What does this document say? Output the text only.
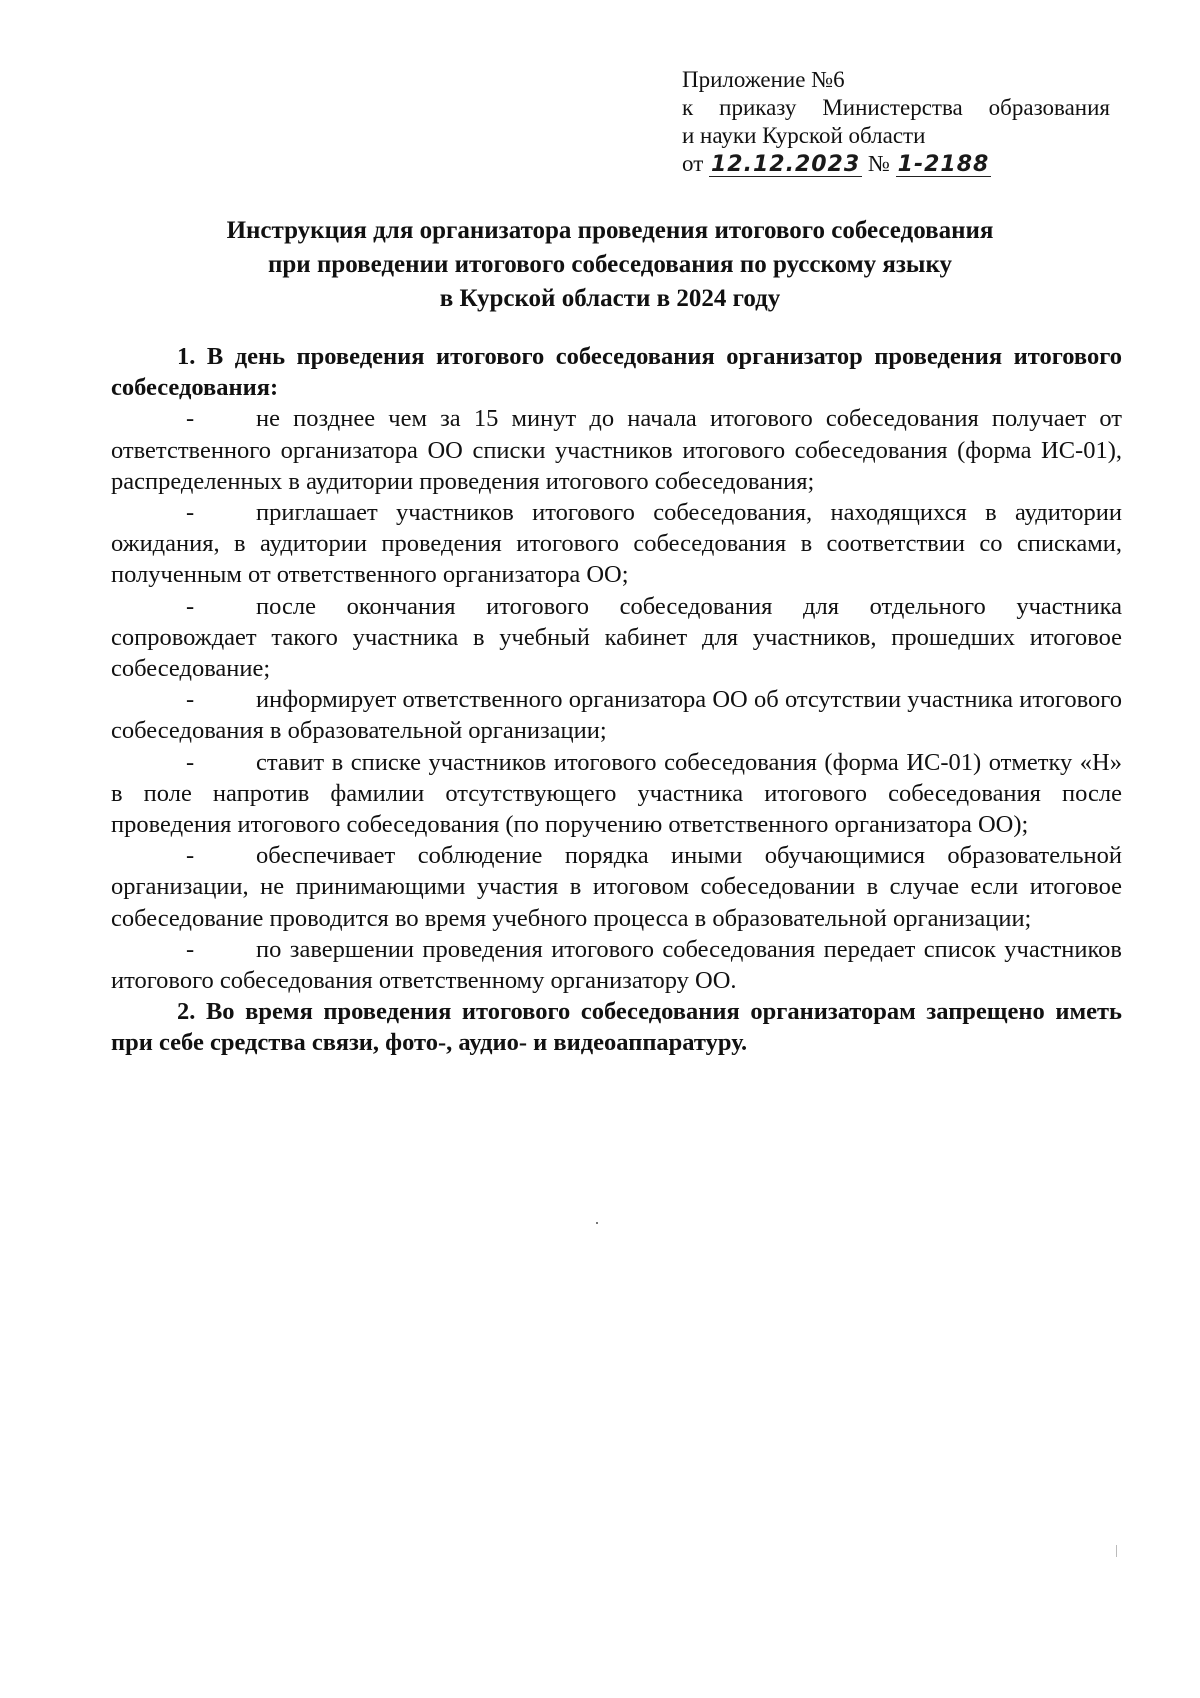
Приложение №6
к приказу Министерства образования
и науки Курской области
от 12.12.2023 № 1-2188
Инструкция для организатора проведения итогового собеседования
при проведении итогового собеседования по русскому языку
в Курской области в 2024 году

1. В день проведения итогового собеседования организатор проведения итогового собеседования:

-	не позднее чем за 15 минут до начала итогового собеседования получает от ответственного организатора ОО списки участников итогового собеседования (форма ИС-01), распределенных в аудитории проведения итогового собеседования;

-	приглашает участников итогового собеседования, находящихся в аудитории ожидания, в аудитории проведения итогового собеседования в соответствии со списками, полученным от ответственного организатора ОО;

-	после окончания итогового собеседования для отдельного участника сопровождает такого участника в учебный кабинет для участников, прошедших итоговое собеседование;

-	информирует ответственного организатора ОО об отсутствии участника итогового собеседования в образовательной организации;

-	ставит в списке участников итогового собеседования (форма ИС-01) отметку «Н» в поле напротив фамилии отсутствующего участника итогового собеседования после проведения итогового собеседования (по поручению ответственного организатора ОО);

-	обеспечивает соблюдение порядка иными обучающимися образовательной организации, не принимающими участия в итоговом собеседовании в случае если итоговое собеседование проводится во время учебного процесса в образовательной организации;

-	по завершении проведения итогового собеседования передает список участников итогового собеседования ответственному организатору ОО.

2. Во время проведения итогового собеседования организаторам запрещено иметь при себе средства связи, фото-, аудио- и видеоаппаратуру.
